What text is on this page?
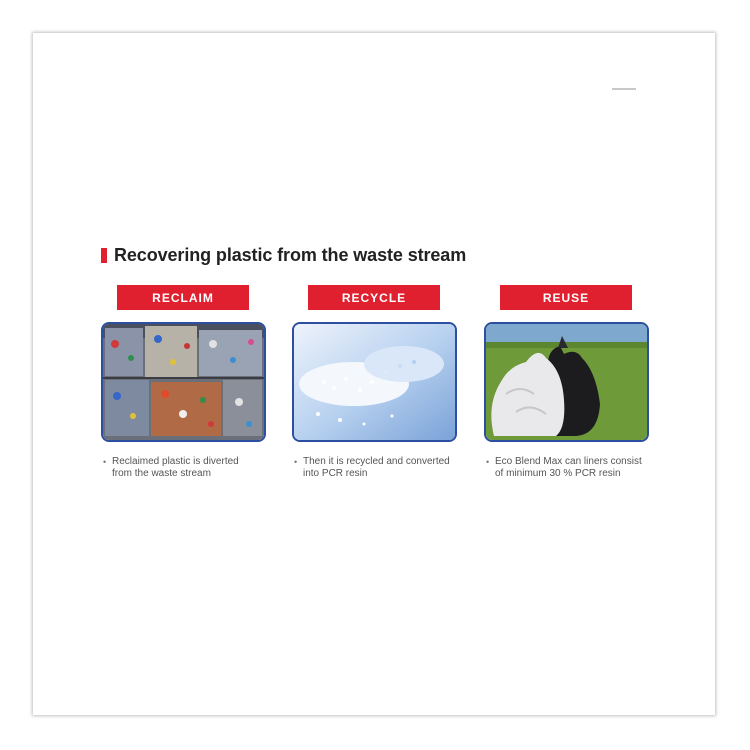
Recovering plastic from the waste stream
RECLAIM
• Reclaimed plastic is diverted
from the waste stream
RECYCLE
• Then it is recycled and converted
into PCR resin
REUSE
• Eco Blend Max can liners consist
of minimum 30 % PCR resin
